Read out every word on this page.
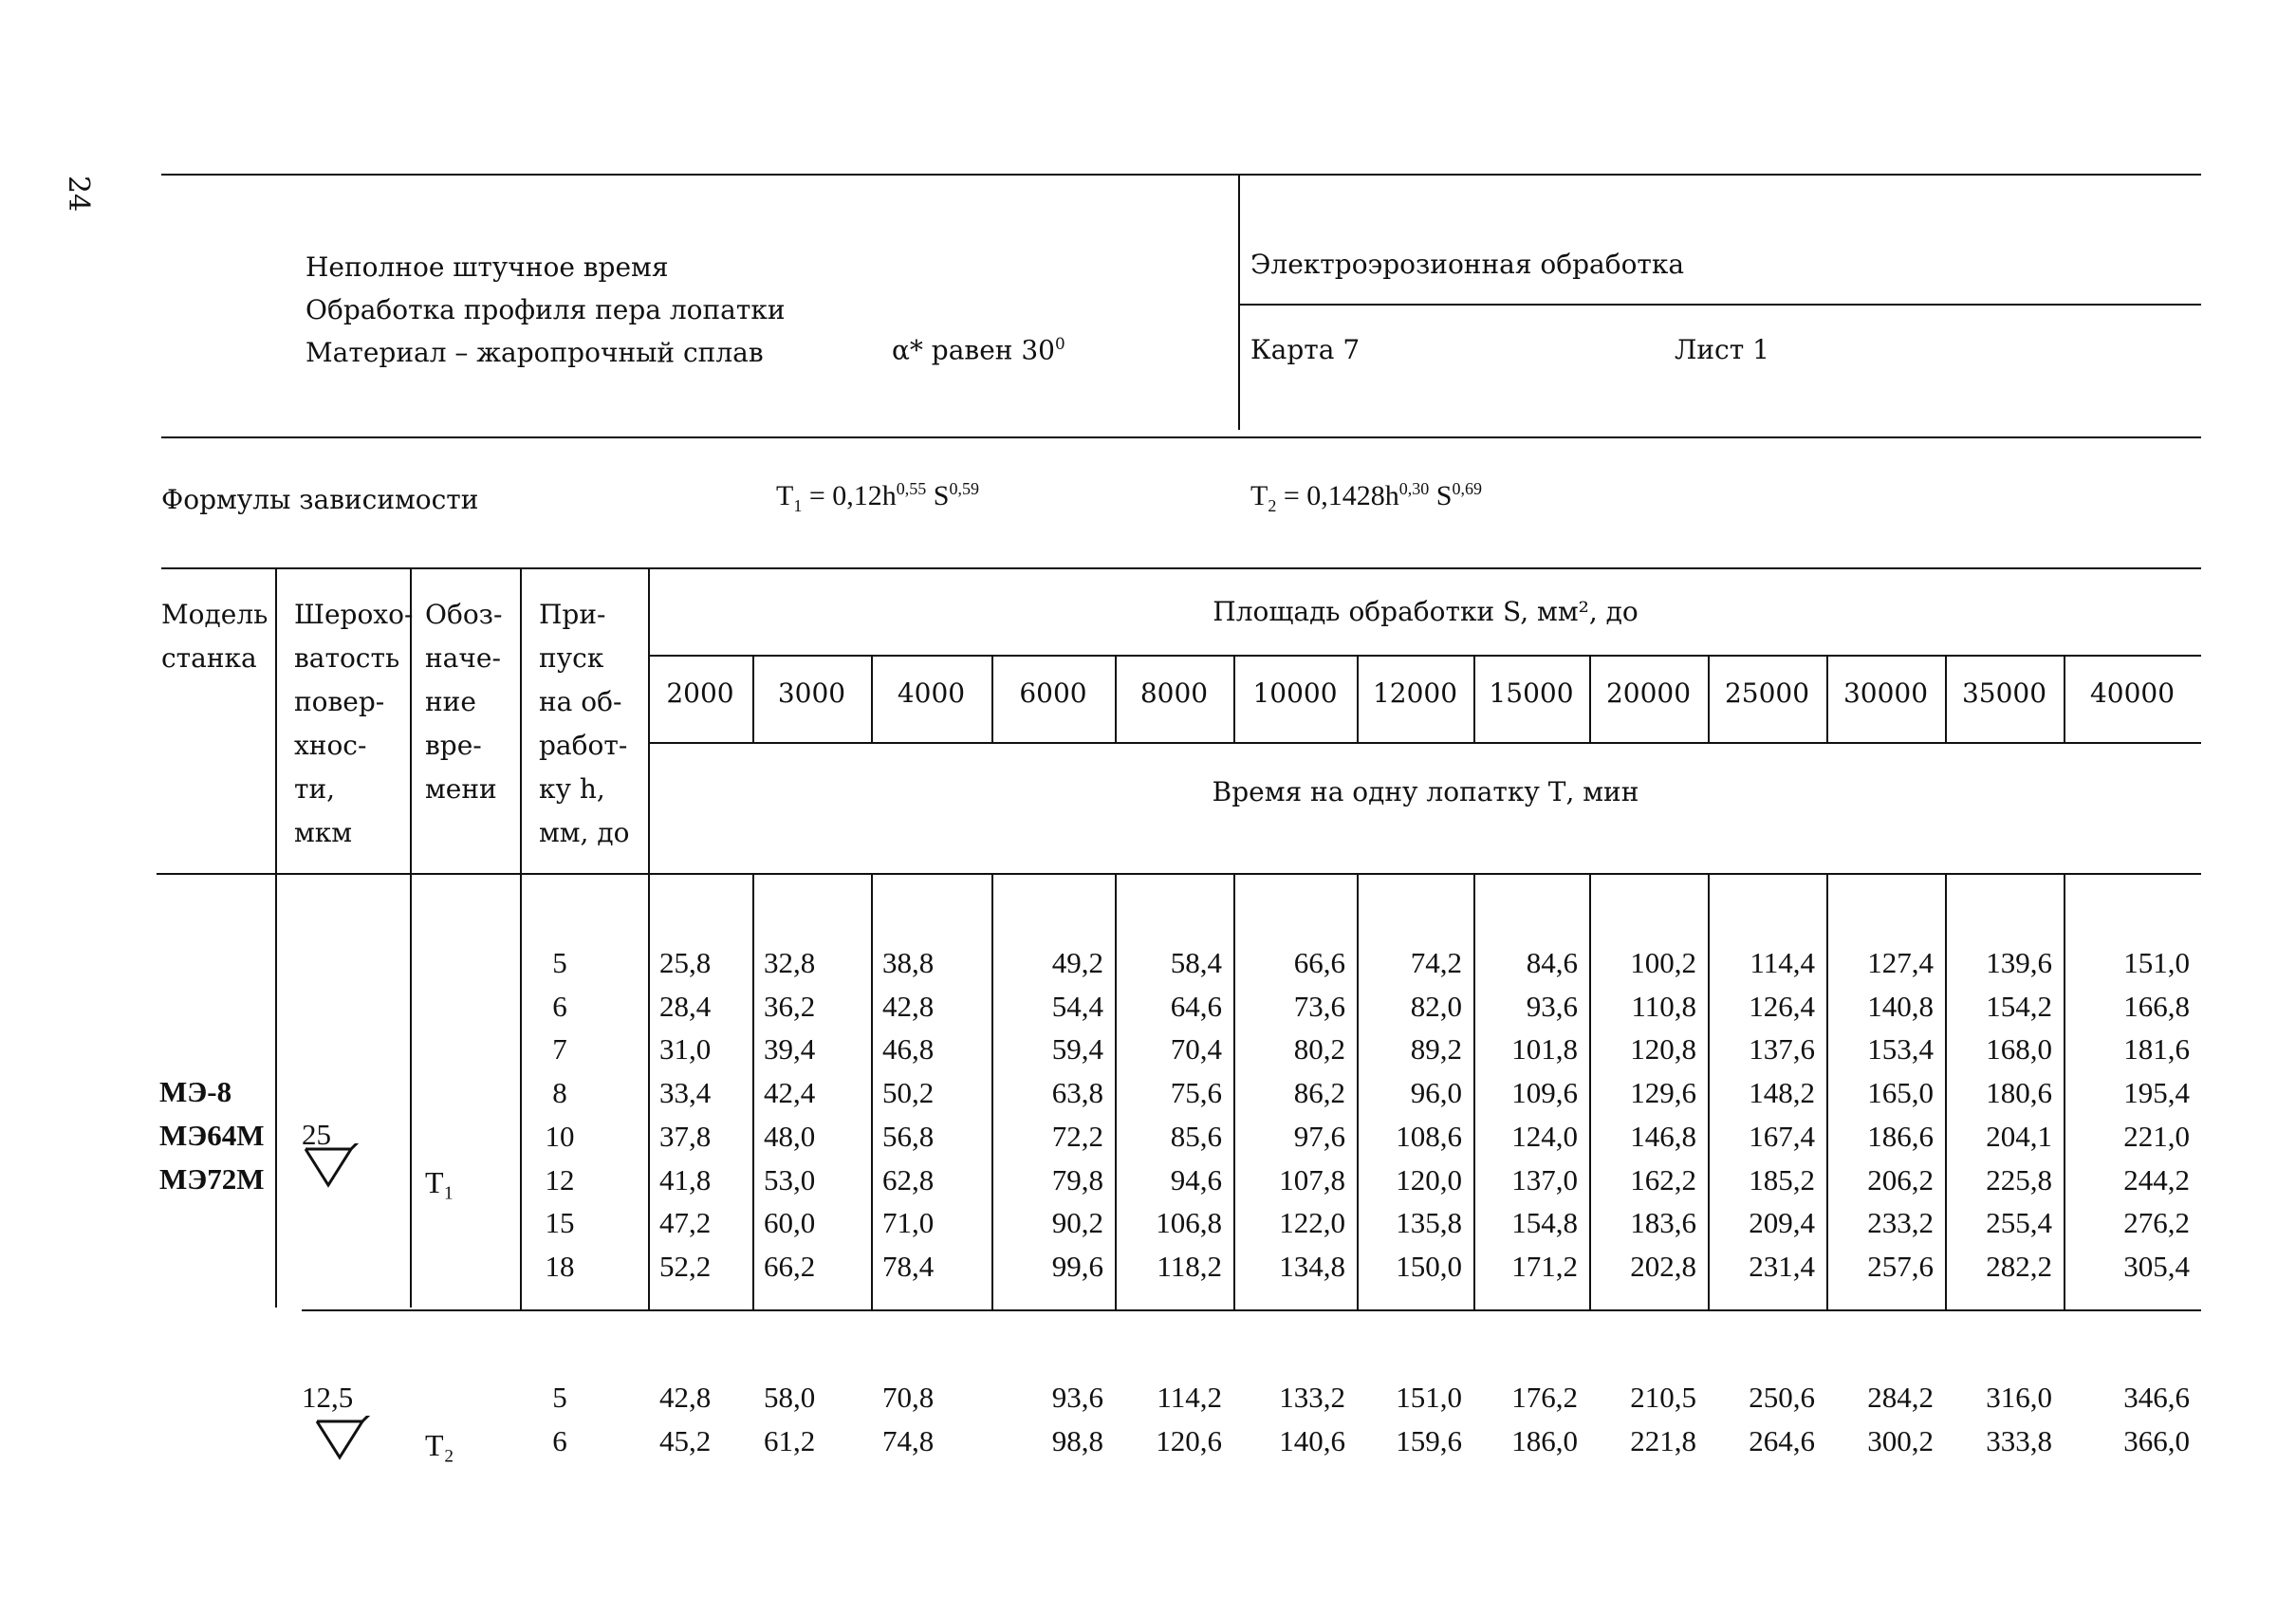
24
Неполное штучное время
Обработка профиля пера лопатки
Материал – жаропрочный сплав	α* равен $30^0$
Электроэрозионная обработка
Карта 7	Лист 1
Формулы зависимости	$T_1 = 0,12h^{0,55}$ S$^{0,59}$	$T_2 = 0,1428h^{0,30}$ S$^{0,69}$
Модель
станка
Шерохо-
ватость
повер-
хнос-
ти,
мкм
Обоз-
наче-
ние
вре-
мени
При-
пуск
на об-
работ-
ку h,
мм, до
Площадь обработки S, мм², до
Время на одну лопатку Т, мин
2000	3000	4000	6000	8000	10000	12000	15000	20000	25000	30000	35000	40000
МЭ-8
МЭ64М
МЭ72М
25
T₁
12,5
T₂
5	25,8	32,8	38,8	49,2	58,4	66,6	74,2	84,6	100,2	114,4	127,4	139,6	151,0
6	28,4	36,2	42,8	54,4	64,6	73,6	82,0	93,6	110,8	126,4	140,8	154,2	166,8
7	31,0	39,4	46,8	59,4	70,4	80,2	89,2	101,8	120,8	137,6	153,4	168,0	181,6
8	33,4	42,4	50,2	63,8	75,6	86,2	96,0	109,6	129,6	148,2	165,0	180,6	195,4
10	37,8	48,0	56,8	72,2	85,6	97,6	108,6	124,0	146,8	167,4	186,6	204,1	221,0
12	41,8	53,0	62,8	79,8	94,6	107,8	120,0	137,0	162,2	185,2	206,2	225,8	244,2
15	47,2	60,0	71,0	90,2	106,8	122,0	135,8	154,8	183,6	209,4	233,2	255,4	276,2
18	52,2	66,2	78,4	99,6	118,2	134,8	150,0	171,2	202,8	231,4	257,6	282,2	305,4
5	42,8	58,0	70,8	93,6	114,2	133,2	151,0	176,2	210,5	250,6	284,2	316,0	346,6
6	45,2	61,2	74,8	98,8	120,6	140,6	159,6	186,0	221,8	264,6	300,2	333,8	366,0
